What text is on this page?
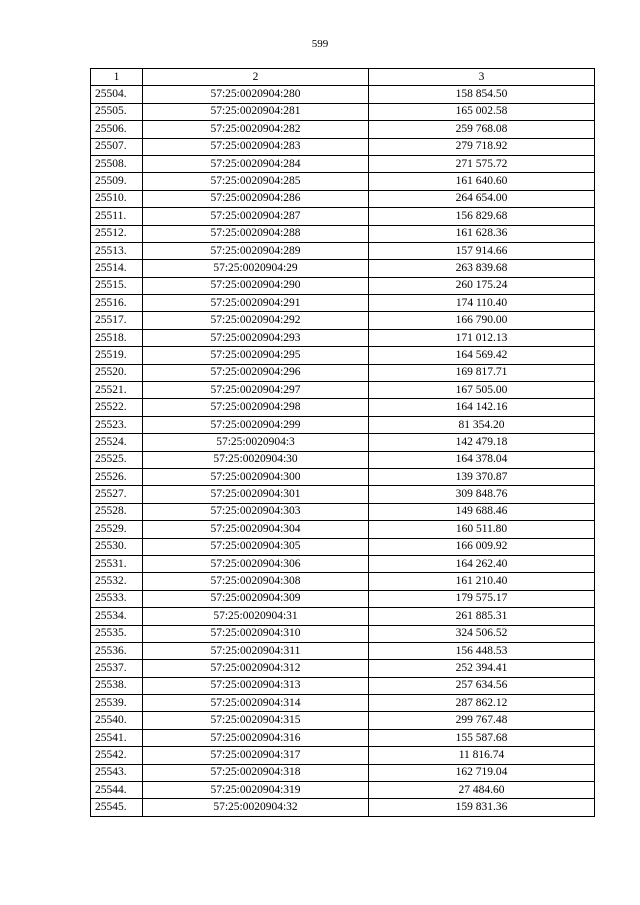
599
1	2	3
25504.	57:25:0020904:280	158 854.50
25505.	57:25:0020904:281	165 002.58
25506.	57:25:0020904:282	259 768.08
25507.	57:25:0020904:283	279 718.92
25508.	57:25:0020904:284	271 575.72
25509.	57:25:0020904:285	161 640.60
25510.	57:25:0020904:286	264 654.00
25511.	57:25:0020904:287	156 829.68
25512.	57:25:0020904:288	161 628.36
25513.	57:25:0020904:289	157 914.66
25514.	57:25:0020904:29	263 839.68
25515.	57:25:0020904:290	260 175.24
25516.	57:25:0020904:291	174 110.40
25517.	57:25:0020904:292	166 790.00
25518.	57:25:0020904:293	171 012.13
25519.	57:25:0020904:295	164 569.42
25520.	57:25:0020904:296	169 817.71
25521.	57:25:0020904:297	167 505.00
25522.	57:25:0020904:298	164 142.16
25523.	57:25:0020904:299	81 354.20
25524.	57:25:0020904:3	142 479.18
25525.	57:25:0020904:30	164 378.04
25526.	57:25:0020904:300	139 370.87
25527.	57:25:0020904:301	309 848.76
25528.	57:25:0020904:303	149 688.46
25529.	57:25:0020904:304	160 511.80
25530.	57:25:0020904:305	166 009.92
25531.	57:25:0020904:306	164 262.40
25532.	57:25:0020904:308	161 210.40
25533.	57:25:0020904:309	179 575.17
25534.	57:25:0020904:31	261 885.31
25535.	57:25:0020904:310	324 506.52
25536.	57:25:0020904:311	156 448.53
25537.	57:25:0020904:312	252 394.41
25538.	57:25:0020904:313	257 634.56
25539.	57:25:0020904:314	287 862.12
25540.	57:25:0020904:315	299 767.48
25541.	57:25:0020904:316	155 587.68
25542.	57:25:0020904:317	11 816.74
25543.	57:25:0020904:318	162 719.04
25544.	57:25:0020904:319	27 484.60
25545.	57:25:0020904:32	159 831.36
